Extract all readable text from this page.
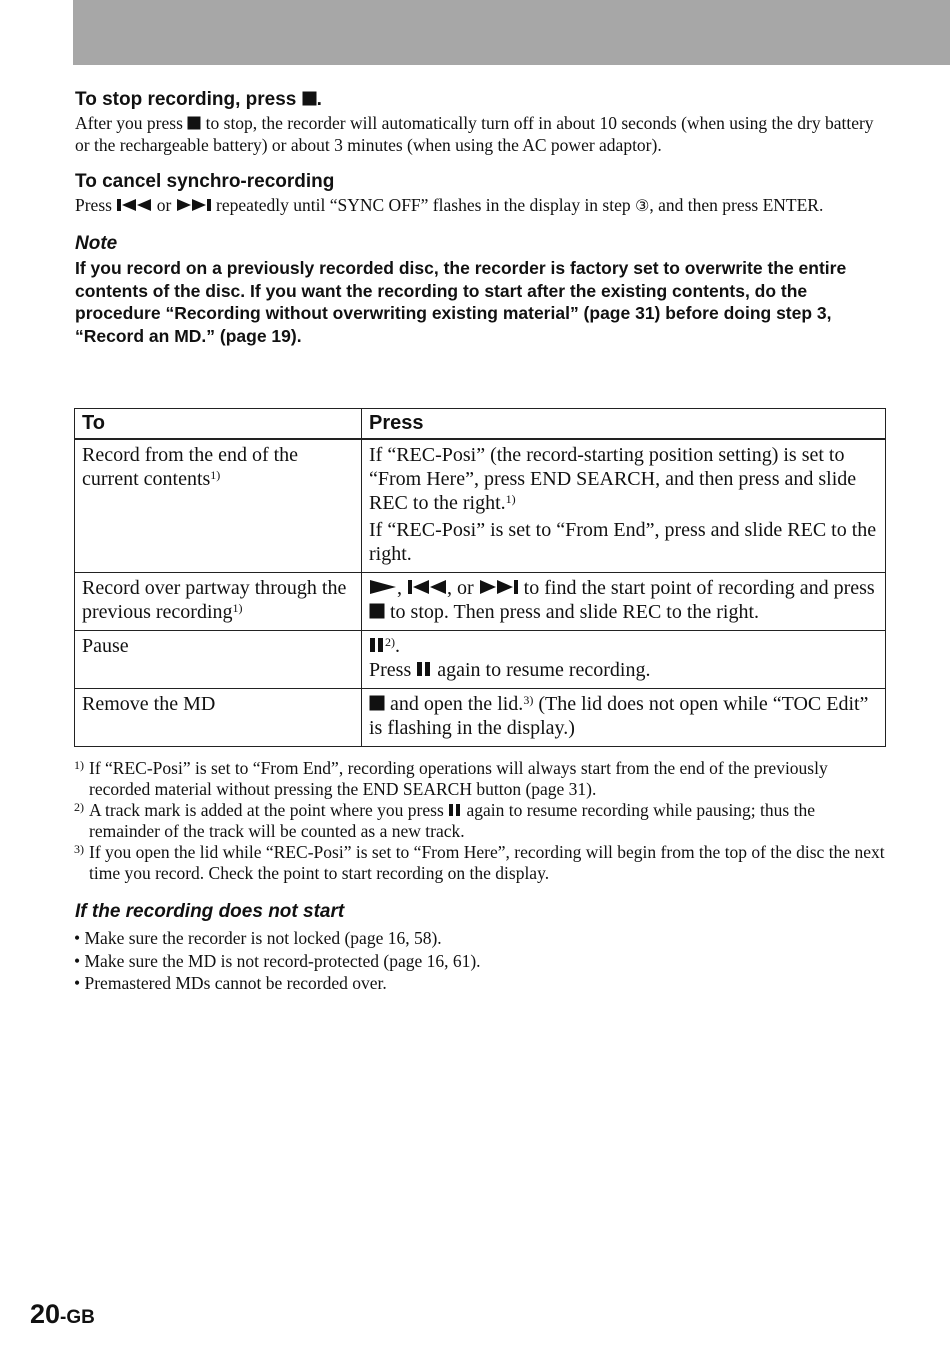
To stop recording, press .

After you press  to stop, the recorder will automatically turn off in about 10 seconds (when using the dry battery or the rechargeable battery) or about 3 minutes (when using the AC power adaptor).

To cancel synchro-recording

Press  or  repeatedly until “SYNC OFF” flashes in the display in step ③, and then press ENTER.

Note

If you record on a previously recorded disc, the recorder is factory set to overwrite the entire contents of the disc. If you want the recording to start after the existing contents, do the procedure “Recording without overwriting existing material” (page 31) before doing step 3, “Record an MD.” (page 19).

To	Press
Record from the end of the current contents$^{1)}$	If “REC-Posi” (the record-starting position setting) is set to “From Here”, press END SEARCH, and then press and slide REC to the right.$^{1)}$

If “REC-Posi” is set to “From End”, press and slide REC to the right.

Record over partway through the previous recording$^{1)}$	, , or  to find the start point of recording and press  to stop. Then press and slide REC to the right.
Pause	$^{2)}$.

Press  again to resume recording.

Remove the MD	and open the lid.$^{3)}$ (The lid does not open while “TOC Edit” is flashing in the display.)

1) If “REC-Posi” is set to “From End”, recording operations will always start from the end of the previously recorded material without pressing the END SEARCH button (page 31).

2) A track mark is added at the point where you press  again to resume recording while pausing; thus the remainder of the track will be counted as a new track.

3) If you open the lid while “REC-Posi” is set to “From Here”, recording will begin from the top of the disc the next time you record. Check the point to start recording on the display.

If the recording does not start

• Make sure the recorder is not locked (page 16, 58).
• Make sure the MD is not record-protected (page 16, 61).
• Premastered MDs cannot be recorded over.
20-GB
